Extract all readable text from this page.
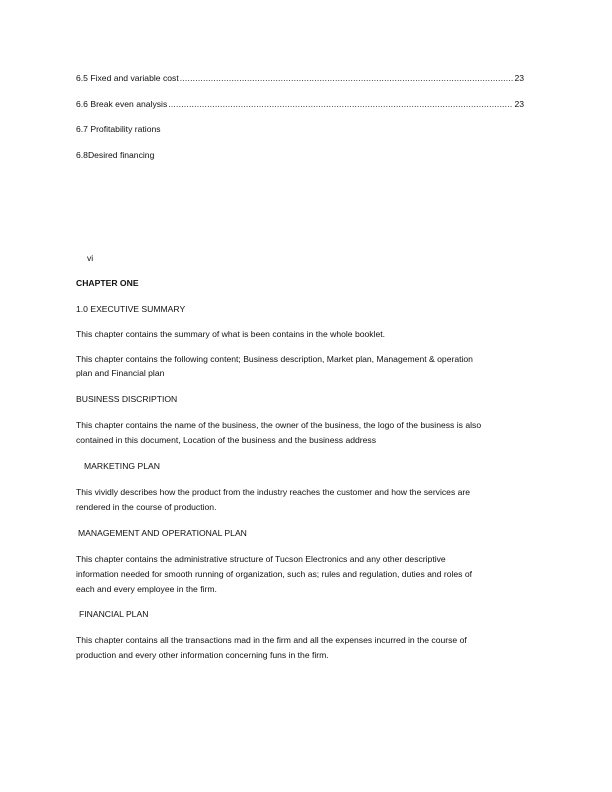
6.5 Fixed and variable cost .....	23
6.6 Break even analysis .....	23
6.7 Profitability rations
6.8Desired financing

vi

CHAPTER ONE

1.0 EXECUTIVE SUMMARY

This chapter contains the summary of what is been contains in the whole booklet.

This chapter contains the following content; Business description, Market plan, Management & operation

plan and Financial plan

BUSINESS DISCRIPTION

This chapter contains the name of the business, the owner of the business, the logo of the business is also

contained in this document, Location of the business and the business address

MARKETING PLAN

This vividly describes how the product from the industry reaches the customer and how the services are

rendered in the course of production.

MANAGEMENT AND OPERATIONAL PLAN

This chapter contains the administrative structure of Tucson Electronics and any other descriptive

information needed for smooth running of organization, such as; rules and regulation, duties and roles of

each and every employee in the firm.

FINANCIAL PLAN

This chapter contains all the transactions mad in the firm and all the expenses incurred in the course of

production and every other information concerning funs in the firm.
